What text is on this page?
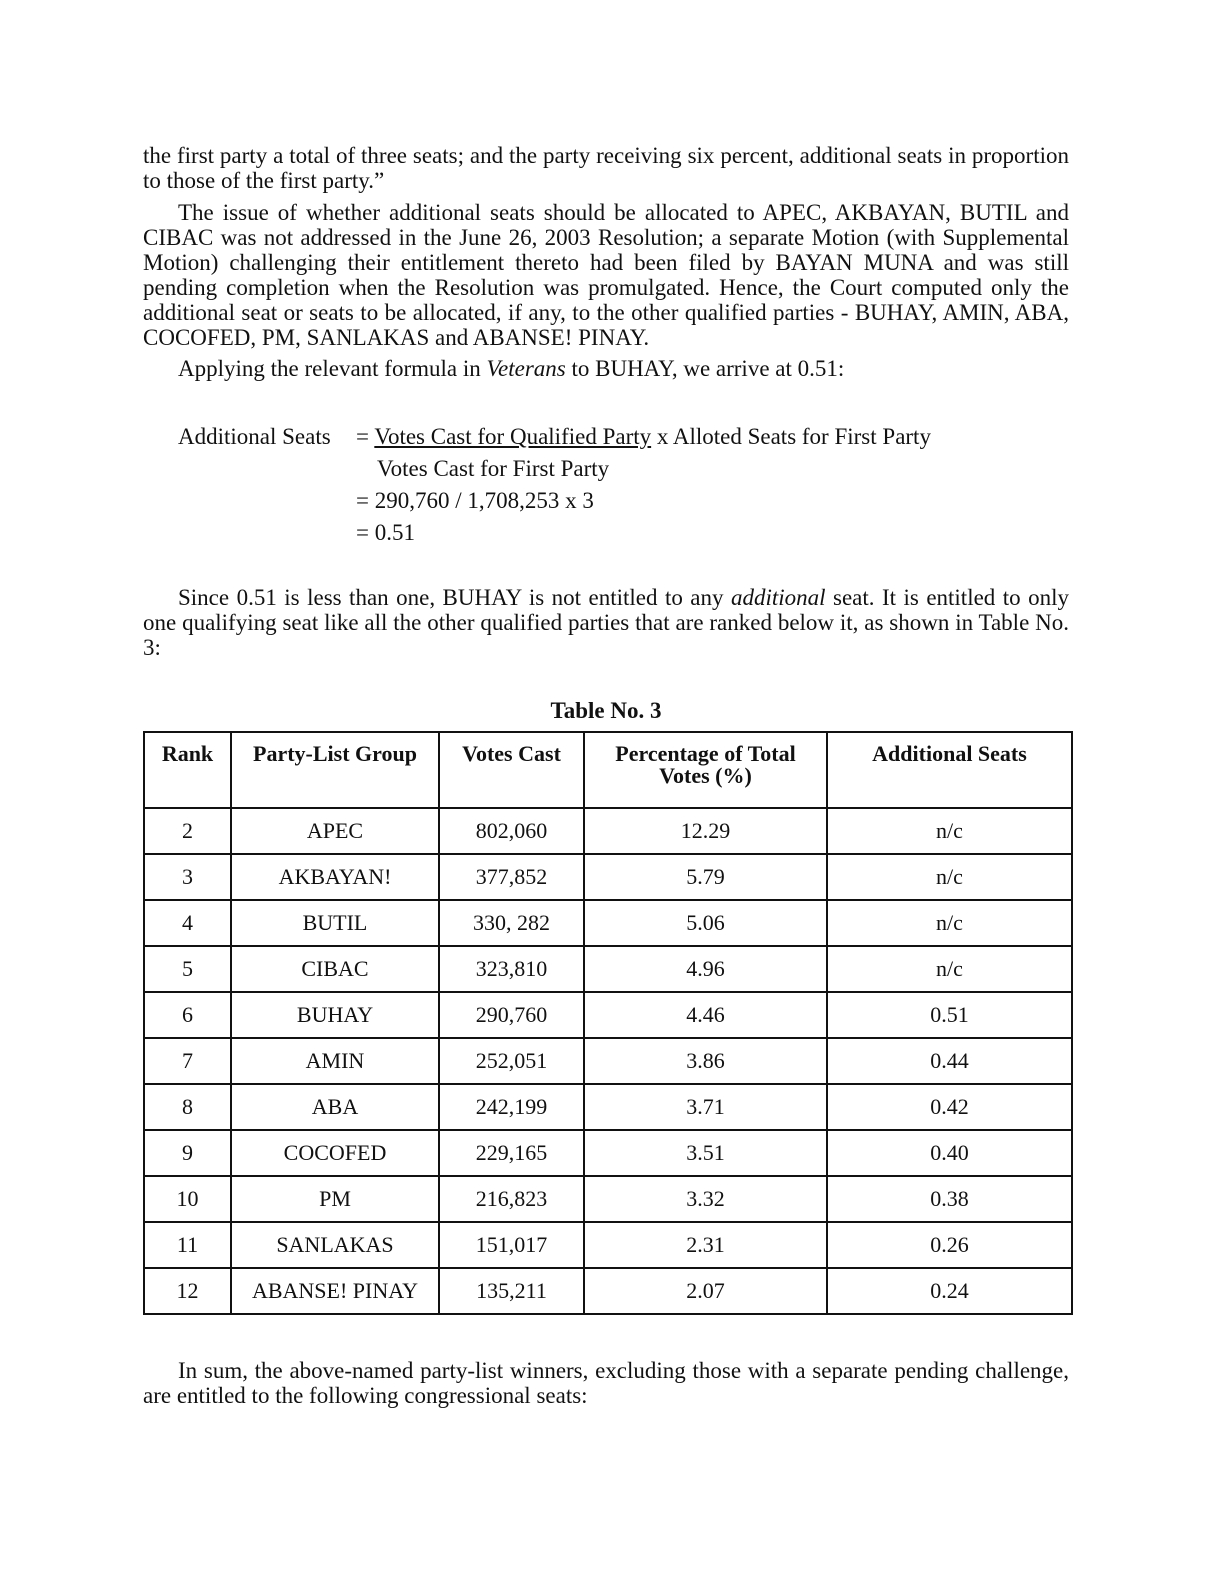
the first party a total of three seats; and the party receiving six percent, additional seats in proportion to those of the first party.”
The issue of whether additional seats should be allocated to APEC, AKBAYAN, BUTIL and CIBAC was not addressed in the June 26, 2003 Resolution; a separate Motion (with Supplemental Motion) challenging their entitlement thereto had been filed by BAYAN MUNA and was still pending completion when the Resolution was promulgated. Hence, the Court computed only the additional seat or seats to be allocated, if any, to the other qualified parties - BUHAY, AMIN, ABA, COCOFED, PM, SANLAKAS and ABANSE! PINAY.
Applying the relevant formula in Veterans to BUHAY, we arrive at 0.51:
Additional Seats = Votes Cast for Qualified Party x Alloted Seats for First Party
Votes Cast for First Party
= 290,760 / 1,708,253 x 3
= 0.51
Since 0.51 is less than one, BUHAY is not entitled to any additional seat. It is entitled to only one qualifying seat like all the other qualified parties that are ranked below it, as shown in Table No. 3:
Table No. 3
Rank	Party-List Group	Votes Cast	Percentage of Total Votes (%)	Additional Seats
2	APEC	802,060	12.29	n/c
3	AKBAYAN!	377,852	5.79	n/c
4	BUTIL	330, 282	5.06	n/c
5	CIBAC	323,810	4.96	n/c
6	BUHAY	290,760	4.46	0.51
7	AMIN	252,051	3.86	0.44
8	ABA	242,199	3.71	0.42
9	COCOFED	229,165	3.51	0.40
10	PM	216,823	3.32	0.38
11	SANLAKAS	151,017	2.31	0.26
12	ABANSE! PINAY	135,211	2.07	0.24
In sum, the above-named party-list winners, excluding those with a separate pending challenge, are entitled to the following congressional seats:
